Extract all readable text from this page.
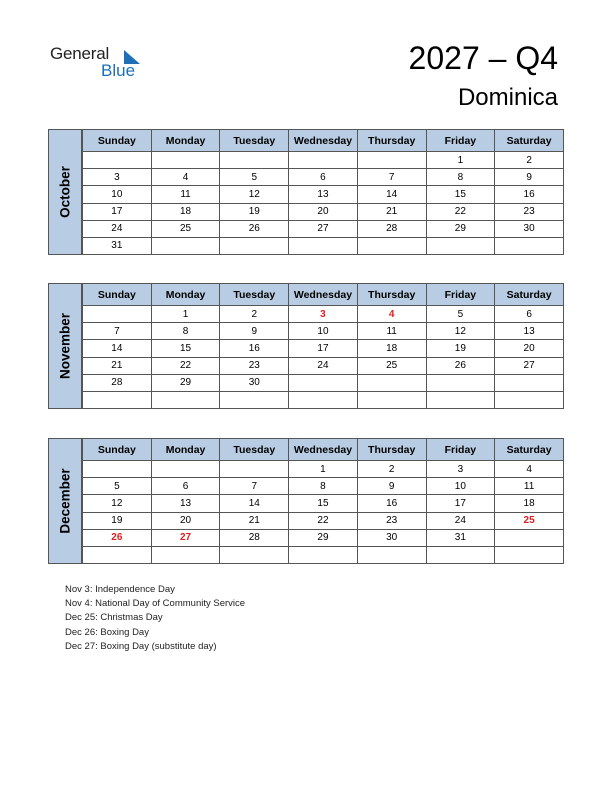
General
Blue	2027 – Q4
Dominica
October
Sunday	Monday	Tuesday	Wednesday	Thursday	Friday	Saturday
					1	2
3	4	5	6	7	8	9
10	11	12	13	14	15	16
17	18	19	20	21	22	23
24	25	26	27	28	29	30
31						
November
Sunday	Monday	Tuesday	Wednesday	Thursday	Friday	Saturday
	1	2	3	4	5	6
7	8	9	10	11	12	13
14	15	16	17	18	19	20
21	22	23	24	25	26	27
28	29	30				

December
Sunday	Monday	Tuesday	Wednesday	Thursday	Friday	Saturday
			1	2	3	4
5	6	7	8	9	10	11
12	13	14	15	16	17	18
19	20	21	22	23	24	25
26	27	28	29	30	31	

Nov 3: Independence Day
Nov 4: National Day of Community Service
Dec 25: Christmas Day
Dec 26: Boxing Day
Dec 27: Boxing Day (substitute day)
